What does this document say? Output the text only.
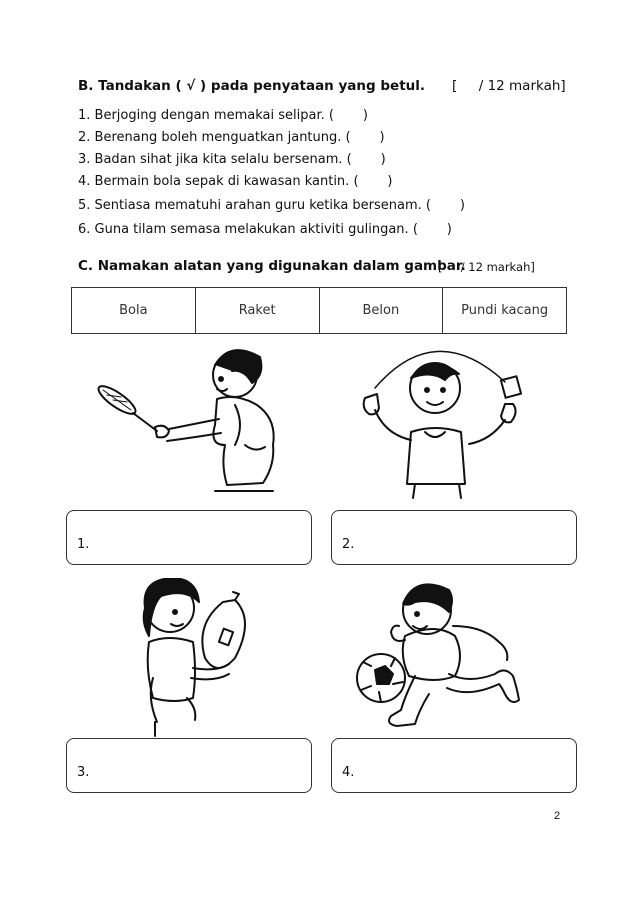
B. Tandakan ( √ ) pada penyataan yang betul. [     / 12 markah]
1. Berjoging dengan memakai selipar. (       )
2. Berenang boleh menguatkan jantung. (       )
3. Badan sihat jika kita selalu bersenam. (       )
4. Bermain bola sepak di kawasan kantin. (       )
5. Sentiasa mematuhi arahan guru ketika bersenam. (       )
6. Guna tilam semasa melakukan aktiviti gulingan. (       )
C. Namakan alatan yang digunakan dalam gambar.
[     / 12 markah]
Bola	Raket	Belon	Pundi kacang
1.	2.
3.	4.
2
